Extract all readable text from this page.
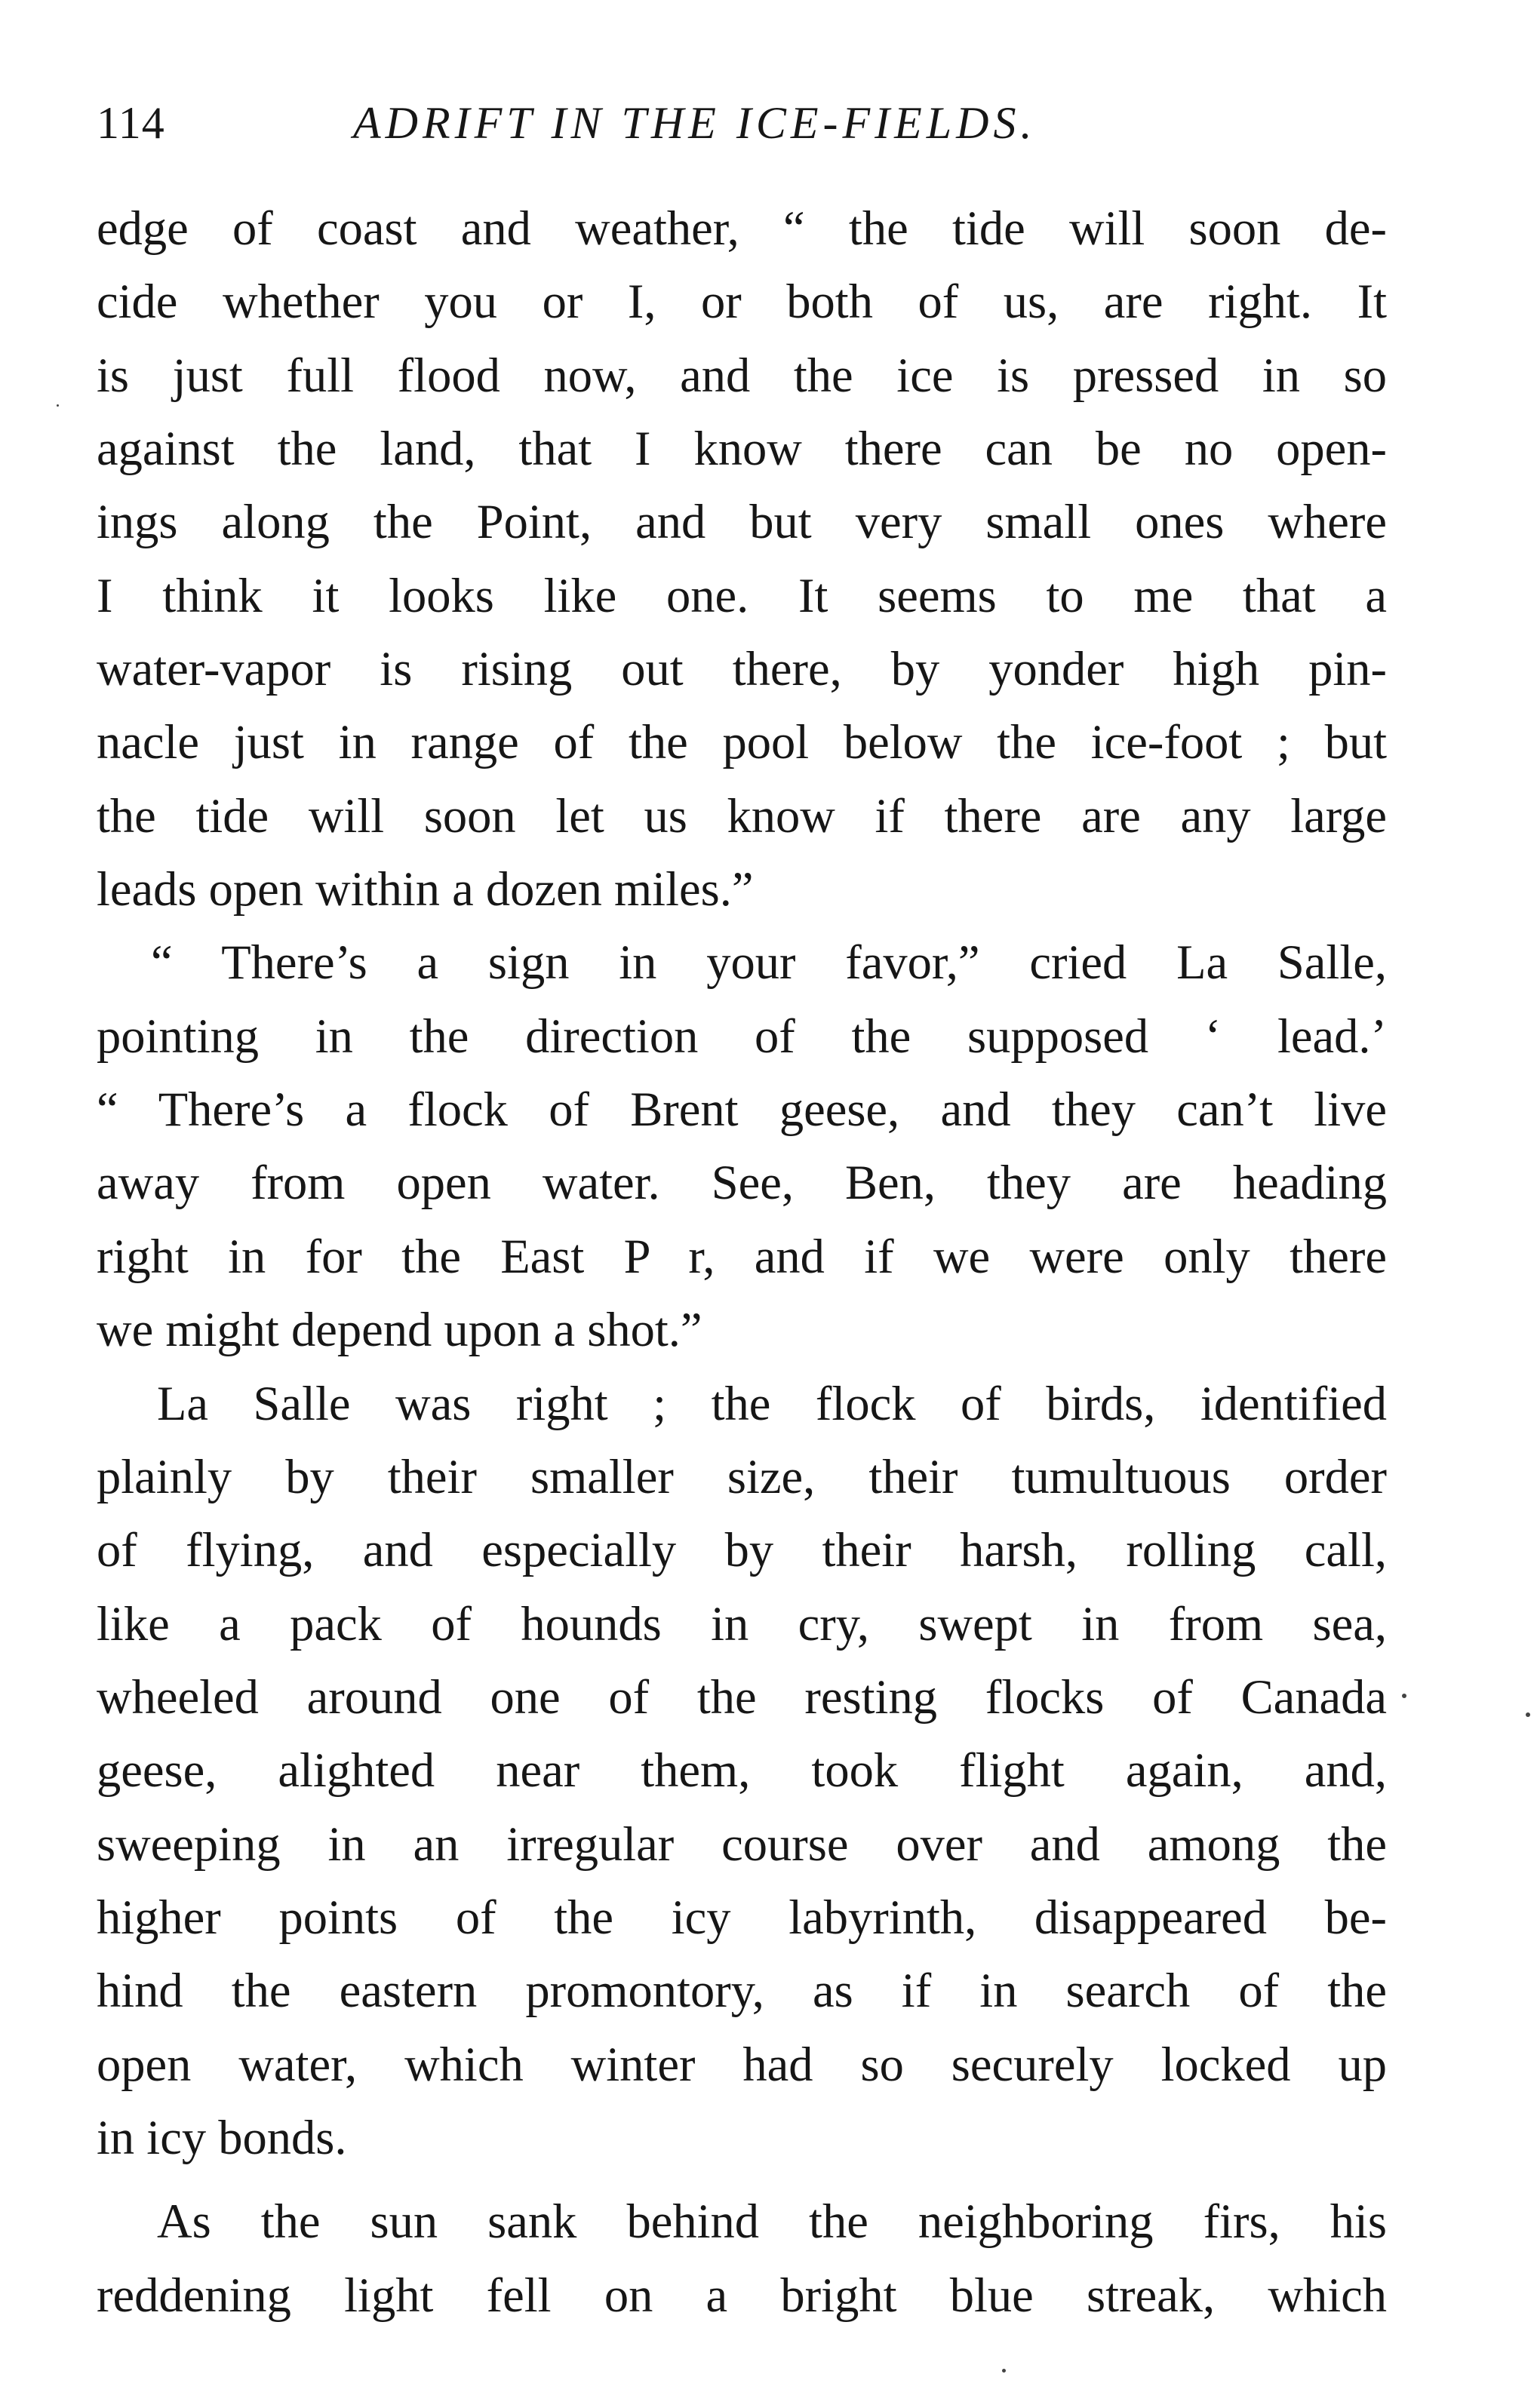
114	ADRIFT IN THE ICE-FIELDS.
edge of coast and weather, “ the tide will soon de-
cide whether you or I, or both of us, are right. It
is just full flood now, and the ice is pressed in so
against the land, that I know there can be no open-
ings along the Point, and but very small ones where
I think it looks like one. It seems to me that a
water-vapor is rising out there, by yonder high pin-
nacle just in range of the pool below the ice-foot ; but
the tide will soon let us know if there are any large
leads open within a dozen miles.”
“ There’s a sign in your favor,” cried La Salle,
pointing in the direction of the supposed ‘ lead.’
“ There’s a flock of Brent geese, and they can’t live
away from open water. See, Ben, they are heading
right in for the East P r, and if we were only there
we might depend upon a shot.”
La Salle was right ; the flock of birds, identified
plainly by their smaller size, their tumultuous order
of flying, and especially by their harsh, rolling call,
like a pack of hounds in cry, swept in from sea,
wheeled around one of the resting flocks of Canada
geese, alighted near them, took flight again, and,
sweeping in an irregular course over and among the
higher points of the icy labyrinth, disappeared be-
hind the eastern promontory, as if in search of the
open water, which winter had so securely locked up
in icy bonds.
As the sun sank behind the neighboring firs, his
reddening light fell on a bright blue streak, which
